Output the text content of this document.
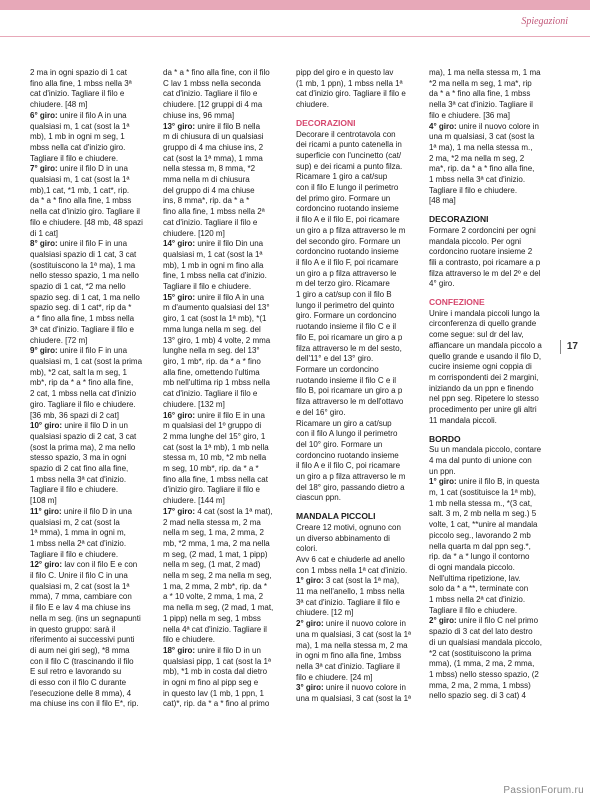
Spiegazioni

2 ma in ogni spazio di 1 cat
fino alla fine, 1 mbss nella 3ª
cat d'inizio. Tagliare il filo e
chiudere. [48 m]

6° giro: unire il filo A in una
qualsiasi m, 1 cat (sost la 1ª
mb), 1 mb in ogni m seg, 1
mbss nella cat d'inizio giro.
Tagliare il filo e chiudere.

7° giro: unire il filo D in una
qualsiasi m, 1 cat (sost la 1ª
mb),1 cat, *1 mb, 1 cat*, rip.
da * a * fino alla fine, 1 mbss
nella cat d'inizio giro. Tagliare il
filo e chiudere. [48 mb, 48 spazi
di 1 cat]

8° giro: unire il filo F in una
qualsiasi spazio di 1 cat, 3 cat
(sostituiscono la 1ª ma), 1 ma
nello stesso spazio, 1 ma nello
spazio di 1 cat, *2 ma nello
spazio seg. di 1 cat, 1 ma nello
spazio seg. di 1 cat*, rip da *
a * fino alla fine, 1 mbss nella
3ª cat d'inizio. Tagliare il filo e
chiudere. [72 m]

9° giro: unire il filo F in una
qualsiasi m, 1 cat (sost la prima
mb), *2 cat, salt la m seg, 1
mb*, rip da * a * fino alla fine,
2 cat, 1 mbss nella cat d'inizio
giro. Tagliare il filo e chiudere.
[36 mb, 36 spazi di 2 cat]

10° giro: unire il filo D in un
qualsiasi spazio di 2 cat, 3 cat
(sost la prima ma), 2 ma nello
stesso spazio, 3 ma in ogni
spazio di 2 cat fino alla fine,
1 mbss nella 3ª cat d'inizio.
Tagliare il filo e chiudere.
[108 m]

11° giro: unire il filo D in una
qualsiasi m, 2 cat (sost la
1ª mma), 1 mma in ogni m,
1 mbss nella 2ª cat d'inizio.
Tagliare il filo e chiudere.

12° giro: lav con il filo E e con
il filo C. Unire il filo C in una
qualsiasi m, 2 cat (sost la 1ª
mma), 7 mma, cambiare con
il filo E e lav 4 ma chiuse ins
nella m seg. (ins un segnapunti
in questo gruppo: sarà il
riferimento ai successivi punti
di aum nei giri seg), *8 mma
con il filo C (trascinando il filo
E sul retro e lavorando su
di esso con il filo C durante
l'esecuzione delle 8 mma), 4
ma chiuse ins con il filo E*, rip.

da * a * fino alla fine, con il filo
C lav 1 mbss nella seconda
cat d'inizio. Tagliare il filo e
chiudere. [12 gruppi di 4 ma
chiuse ins, 96 mma]

13° giro: unire il filo B nella
m di chiusura di un qualsiasi
gruppo di 4 ma chiuse ins, 2
cat (sost la 1ª mma), 1 mma
nella stessa m, 8 mma, *2
mma nella m di chiusura
del gruppo di 4 ma chiuse
ins, 8 mma*, rip. da * a *
fino alla fine, 1 mbss nella 2ª
cat d'inizio. Tagliare il filo e
chiudere. [120 m]

14° giro: unire il filo Din una
qualsiasi m, 1 cat (sost la 1ª
mb), 1 mb in ogni m fino alla
fine, 1 mbss nella cat d'inizio.
Tagliare il filo e chiudere.

15° giro: unire il filo A in una
m d'aumento qualsiasi del 13°
giro, 1 cat (sost la 1ª mb), *(1
mma lunga nella m seg. del
13° giro, 1 mb) 4 volte, 2 mma
lunghe nella m seg. del 13°
giro, 1 mb*, rip. da * a * fino
alla fine, omettendo l'ultima
mb nell'ultima rip 1 mbss nella
cat d'inizio. Tagliare il filo e
chiudere. [132 m]

16° giro: unire il filo E in una
m qualsiasi del 1º gruppo di
2 mma lunghe del 15° giro, 1
cat (sost la 1ª mb), 1 mb nella
stessa m, 10 mb, *2 mb nella
m seg, 10 mb*, rip. da * a *
fino alla fine, 1 mbss nella cat
d'inizio giro. Tagliare il filo e
chiudere. [144 m]

17° giro: 4 cat (sost la 1ª mat),
2 mad nella stessa m, 2 ma
nella m seg, 1 ma, 2 mma, 2
mb, *2 mma, 1 ma, 2 ma nella
m seg, (2 mad, 1 mat, 1 pipp)
nella m seg, (1 mat, 2 mad)
nella m seg, 2 ma nella m seg,
1 ma, 2 mma, 2 mb*, rip. da *
a * 10 volte, 2 mma, 1 ma, 2
ma nella m seg, (2 mad, 1 mat,
1 pipp) nella m seg, 1 mbss
nella 4ª cat d'inizio. Tagliare il
filo e chiudere.

18° giro: unire il filo D in un
qualsiasi pipp, 1 cat (sost la 1ª
mb), *1 mb in costa dal dietro
in ogni m fino al pipp seg e
in questo lav (1 mb, 1 ppn, 1
cat)*, rip. da * a * fino al primo

pipp del giro e in questo lav
(1 mb, 1 ppn), 1 mbss nella 1ª
cat d'inizio giro. Tagliare il filo e
chiudere.

DECORAZIONI

Decorare il centrotavola con
dei ricami a punto catenella in
superficie con l'uncinetto (cat/
sup) e dei ricami a punto filza.
Ricamare 1 giro a cat/sup
con il filo E lungo il perimetro
del primo giro. Formare un
cordoncino ruotando insieme
il filo A e il filo E, poi ricamare
un giro a p filza attraverso le m
del secondo giro. Formare un
cordoncino ruotando insieme
il filo A e il filo F, poi ricamare
un giro a p filza attraverso le
m del terzo giro. Ricamare
1 giro a cat/sup con il filo B
lungo il perimetro del quinto
giro. Formare un cordoncino
ruotando insieme il filo C e il
filo E, poi ricamare un giro a p
filza attraverso le m del sesto,
dell'11° e del 13° giro.
Formare un cordoncino
ruotando insieme il filo C e il
filo B, poi ricamare un giro a p
filza attraverso le m dell'ottavo
e del 16° giro.
Ricamare un giro a cat/sup
con il filo A lungo il perimetro
del 10° giro. Formare un
cordoncino ruotando insieme
il filo A e il filo C, poi ricamare
un giro a p filza attraverso le m
del 18° giro, passando dietro a
ciascun ppn.

MANDALA PICCOLI

Creare 12 motivi, ognuno con
un diverso abbinamento di
colori.
Avv 6 cat e chiuderle ad anello
con 1 mbss nella 1ª cat d'inizio.

1° giro: 3 cat (sost la 1ª ma),
11 ma nell'anello, 1 mbss nella
3ª cat d'inizio. Tagliare il filo e
chiudere. [12 m]

2° giro: unire il nuovo colore in
una m qualsiasi, 3 cat (sost la 1ª
ma), 1 ma nella stessa m, 2 ma
in ogni m fino alla fine, 1mbss
nella 3ª cat d'inizio. Tagliare il
filo e chiudere. [24 m]

3° giro: unire il nuovo colore in
una m qualsiasi, 3 cat (sost la 1ª

ma), 1 ma nella stessa m, 1 ma
*2 ma nella m seg, 1 ma*, rip
da * a * fino alla fine, 1 mbss
nella 3ª cat d'inizio. Tagliare il
filo e chiudere. [36 ma]

4° giro: unire il nuovo colore in
una m qualsiasi, 3 cat (sost la
1ª ma), 1 ma nella stessa m.,
2 ma, *2 ma nella m seg, 2
ma*, rip. da * a * fino alla fine,
1 mbss nella 3ª cat d'inizio.
Tagliare il filo e chiudere.
[48 ma]

DECORAZIONI

Formare 2 cordoncini per ogni
mandala piccolo. Per ogni
cordoncino ruotare insieme 2
fili a contrasto, poi ricamare a p
filza attraverso le m del 2º e del
4° giro.

CONFEZIONE

Unire i mandala piccoli lungo la
circonferenza di quello grande
come segue: sul dr del lav,
affiancare un mandala piccolo a
quello grande e usando il filo D,
cucire insieme ogni coppia di
m corrispondenti dei 2 margini,
iniziando da un ppn e finendo
nel ppn seg. Ripetere lo stesso
procedimento per unire gli altri
11 mandala piccoli.

BORDO

Su un mandala piccolo, contare
4 ma dal punto di unione con
un ppn.

1° giro: unire il filo B, in questa
m, 1 cat (sostituisce la 1ª mb),
1 mb nella stessa m., *(3 cat,
salt. 3 m, 2 mb nella m seg.) 5
volte, 1 cat, **unire al mandala
piccolo seg., lavorando 2 mb
nella quarta m dal ppn seg.*,
rip. da * a * lungo il contorno
di ogni mandala piccolo.
Nell'ultima ripetizione, lav.
solo da * a **, terminate con
1 mbss nella 2ª cat d'inizio.
Tagliare il filo e chiudere.

2° giro: unire il filo C nel primo
spazio di 3 cat del lato destro
di un qualsiasi mandala piccolo,
*2 cat (sostituiscono la prima
mma), (1 mma, 2 ma, 2 mma,
1 mbss) nello stesso spazio, (2
mma, 2 ma, 2 mma, 1 mbss)
nello spazio seg. di 3 cat) 4

17
PassionForum.ru
